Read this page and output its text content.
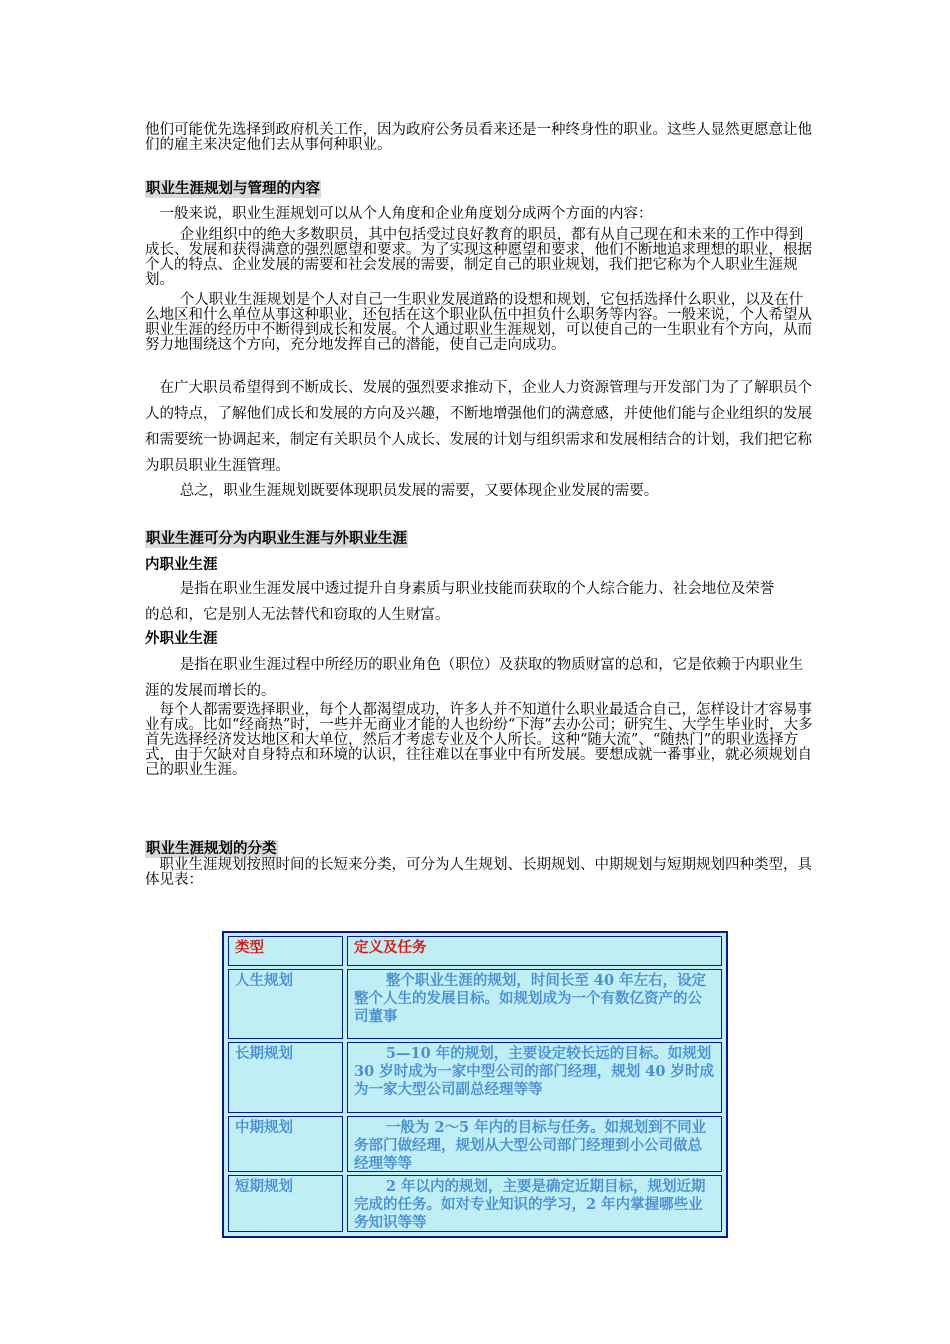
他们可能优先选择到政府机关工作，因为政府公务员看来还是一种终身性的职业。这些人显然更愿意让他们的雇主来决定他们去从事何种职业。

职业生涯规划与管理的内容

一般来说，职业生涯规划可以从个人角度和企业角度划分成两个方面的内容：

企业组织中的绝大多数职员，其中包括受过良好教育的职员，都有从自己现在和未来的工作中得到成长、发展和获得满意的强烈愿望和要求。为了实现这种愿望和要求，他们不断地追求理想的职业，根据个人的特点、企业发展的需要和社会发展的需要，制定自己的职业规划，我们把它称为个人职业生涯规划。

个人职业生涯规划是个人对自己一生职业发展道路的设想和规划，它包括选择什么职业，以及在什么地区和什么单位从事这种职业，还包括在这个职业队伍中担负什么职务等内容。一般来说，个人希望从职业生涯的经历中不断得到成长和发展。个人通过职业生涯规划，可以使自己的一生职业有个方向，从而努力地围绕这个方向，充分地发挥自己的潜能，使自己走向成功。

在广大职员希望得到不断成长、发展的强烈要求推动下，企业人力资源管理与开发部门为了了解职员个人的特点，了解他们成长和发展的方向及兴趣，不断地增强他们的满意感，并使他们能与企业组织的发展和需要统一协调起来，制定有关职员个人成长、发展的计划与组织需求和发展相结合的计划，我们把它称为职员职业生涯管理。

总之，职业生涯规划既要体现职员发展的需要，又要体现企业发展的需要。

职业生涯可分为内职业生涯与外职业生涯

内职业生涯

是指在职业生涯发展中透过提升自身素质与职业技能而获取的个人综合能力、社会地位及荣誉的总和，它是别人无法替代和窃取的人生财富。

外职业生涯

是指在职业生涯过程中所经历的职业角色（职位）及获取的物质财富的总和，它是依赖于内职业生涯的发展而增长的。

每个人都需要选择职业，每个人都渴望成功，许多人并不知道什么职业最适合自己，怎样设计才容易事业有成。比如“经商热”时，一些并无商业才能的人也纷纷“下海”去办公司；研究生、大学生毕业时，大多首先选择经济发达地区和大单位，然后才考虑专业及个人所长。这种“随大流”、“随热门”的职业选择方式，由于欠缺对自身特点和环境的认识，往往难以在事业中有所发展。要想成就一番事业，就必须规划自己的职业生涯。

职业生涯规划的分类

职业生涯规划按照时间的长短来分类，可分为人生规划、长期规划、中期规划与短期规划四种类型，具体见表：

类型	定义及任务

人生规划	整个职业生涯的规划，时间长至 40 年左右，设定整个人生的发展目标。如规划成为一个有数亿资产的公司董事

长期规划	5—10 年的规划，主要设定较长远的目标。如规划 30 岁时成为一家中型公司的部门经理，规划 40 岁时成为一家大型公司副总经理等等

中期规划	一般为 2～5 年内的目标与任务。如规划到不同业务部门做经理，规划从大型公司部门经理到小公司做总经理等等

短期规划	2 年以内的规划，主要是确定近期目标，规划近期完成的任务。如对专业知识的学习，2 年内掌握哪些业务知识等等
